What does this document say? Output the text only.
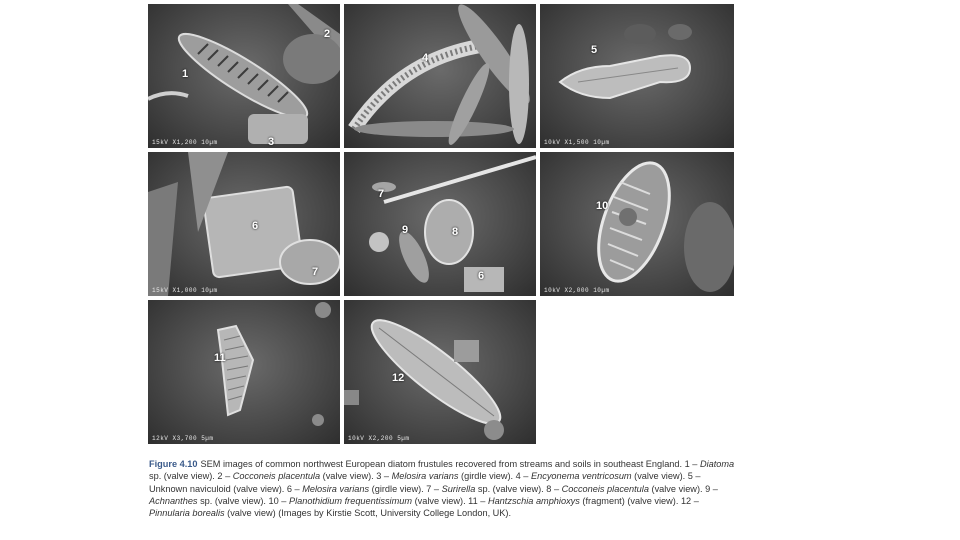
1
2
3
15kV X1,200 10µm
4
5
10kV X1,500 10µm
6
7
15kV X1,000 10µm
7
9	8
6
10
10kV X2,000 10µm
11
12kV X3,700 5µm
12
10kV X2,200 5µm
Figure 4.10 SEM images of common northwest European diatom frustules recovered from streams and soils in southeast England. 1 – Diatoma sp. (valve view). 2 – Cocconeis placentula (valve view). 3 – Melosira varians (girdle view). 4 – Encyonema ventricosum (valve view). 5 – Unknown naviculoid (valve view). 6 – Melosira varians (girdle view). 7 – Surirella sp. (valve view). 8 – Cocconeis placentula (valve view). 9 – Achnanthes sp. (valve view). 10 – Planothidium frequentissimum (valve view). 11 – Hantzschia amphioxys (fragment) (valve view). 12 – Pinnularia borealis (valve view) (Images by Kirstie Scott, University College London, UK).
